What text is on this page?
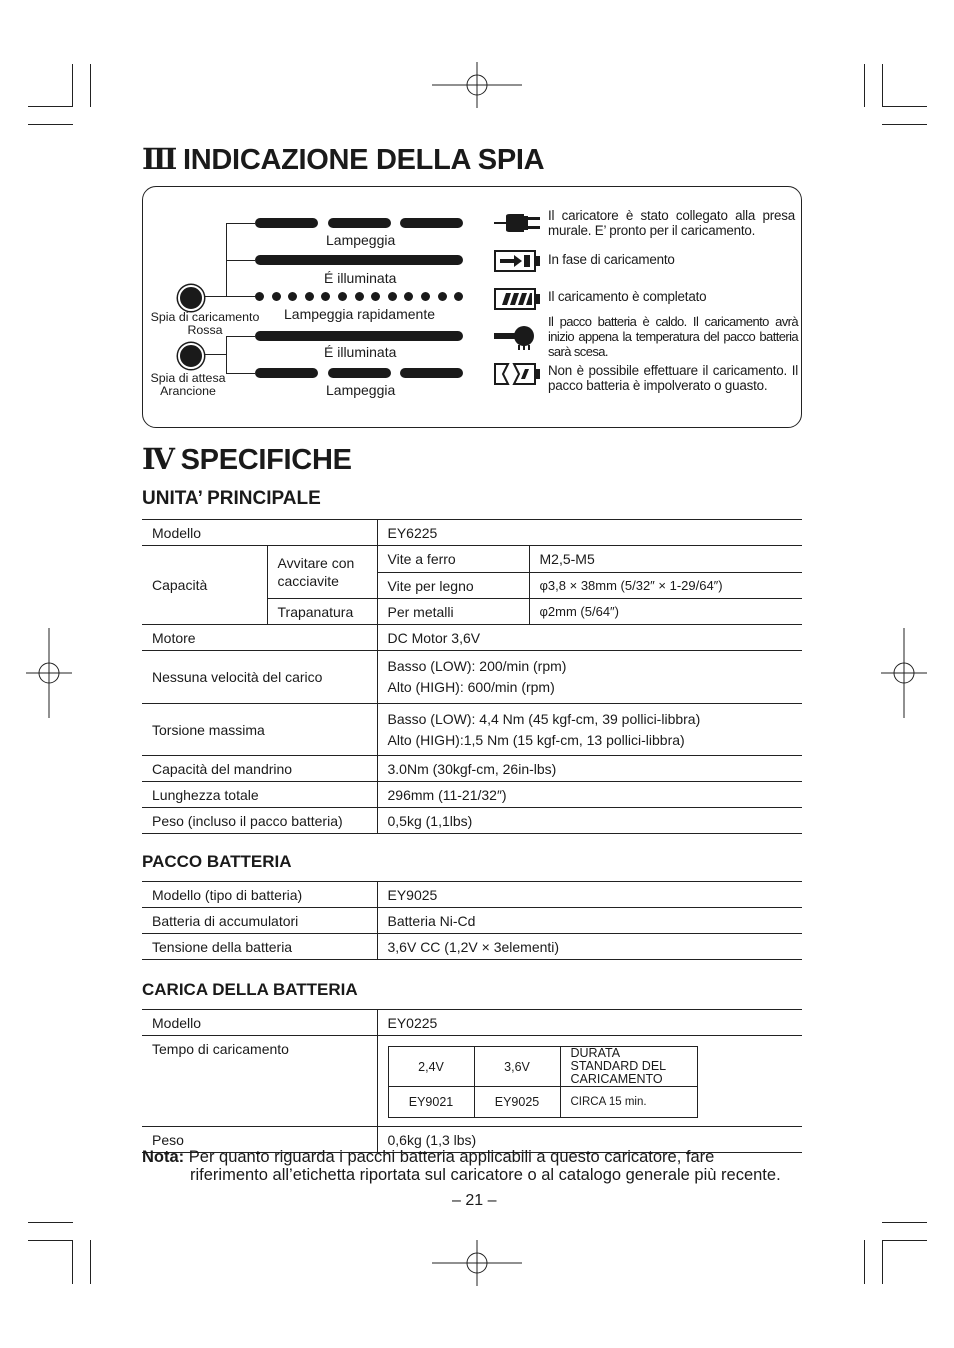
Ⅲ INDICAZIONE DELLA SPIA
Lampeggia
É illuminata
Lampeggia rapidamente
É illuminata
Lampeggia
Spia di caricamento
Rossa
Spia di attesa
Arancione
Il caricatore è stato collegato alla presa murale. E’ pronto per il caricamento.
In fase di caricamento
Il caricamento è completato
Il pacco batteria è caldo. Il caricamento avrà inizio appena la temperatura del pacco batteria sarà scesa.
Non è possibile effettuare il caricamento. Il pacco batteria è impolverato o guasto.
Ⅳ SPECIFICHE
UNITA’ PRINCIPALE
Modello		EY6225	
Capacità	Avvitare con cacciavite	Vite a ferro	M2,5-M5
		Vite per legno	φ3,8 × 38mm (5/32″ × 1-29/64″)
	Trapanatura	Per metalli	φ2mm (5/64″)
Motore		DC Motor 3,6V	
Nessuna velocità del carico		Basso (LOW): 200/min (rpm)
Alto (HIGH): 600/min (rpm)	

Torsione massima		Basso (LOW): 4,4 Nm (45 kgf-cm, 39 pollici-libbra)
Alto (HIGH):1,5 Nm (15 kgf-cm, 13 pollici-libbra)	

Capacità del mandrino		3.0Nm (30kgf-cm, 26in-lbs)	
Lunghezza totale		296mm (11-21/32″)	
Peso (incluso il pacco batteria)		0,5kg (1,1lbs)	
PACCO BATTERIA
Modello (tipo di batteria)	EY9025
Batteria di accumulatori	Batteria Ni-Cd
Tensione della batteria	3,6V CC (1,2V × 3elementi)
CARICA DELLA BATTERIA
Modello	EY0225
Tempo di caricamento	
2,4V	3,6V	DURATA STANDARD DEL CARICAMENTO
EY9021	EY9025	CIRCA 15 min.

Peso	0,6kg (1,3 lbs)
Nota: Per quanto riguarda i pacchi batteria applicabili a questo caricatore, fare
riferimento all’etichetta riportata sul caricatore o al catalogo generale più recente.
– 21 –
